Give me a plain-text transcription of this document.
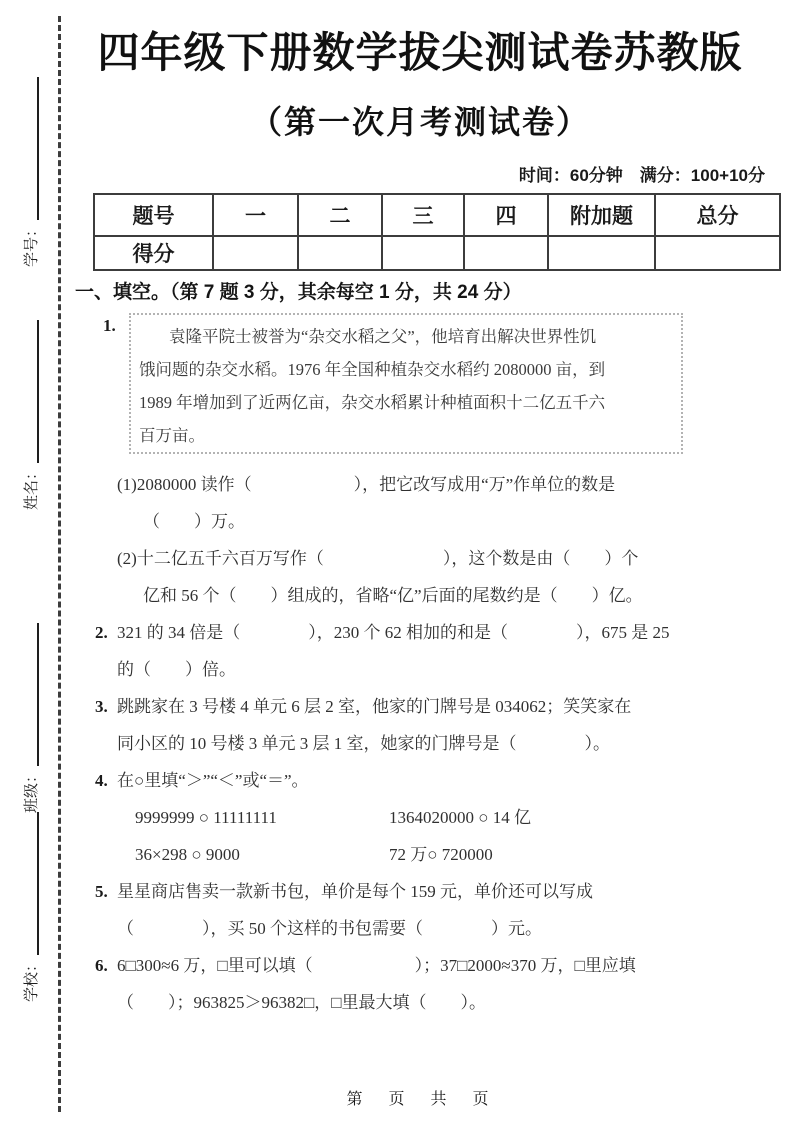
学号：
姓名：
班级：
学校：
四年级下册数学拔尖测试卷苏教版
（第一次月考测试卷）
时间：60分钟　满分：100+10分
题号	一	二	三	四	附加题	总分
得分						
一、填空。（第 7 题 3 分，其余每空 1 分，共 24 分）
1.
袁隆平院士被誉为“杂交水稻之父”，他培育出解决世界性饥
饿问题的杂交水稻。1976 年全国种植杂交水稻约 2080000 亩，到
1989 年增加到了近两亿亩，杂交水稻累计种植面积十二亿五千六
百万亩。
(1)2080000 读作（　　　　　　），把它改写成用“万”作单位的数是
（　　）万。
(2)十二亿五千六百万写作（　　　　　　　），这个数是由（　　）个
亿和 56 个（　　）组成的，省略“亿”后面的尾数约是（　　）亿。
2. 321 的 34 倍是（　　　　），230 个 62 相加的和是（　　　　），675 是 25
的（　　）倍。
3. 跳跳家在 3 号楼 4 单元 6 层 2 室，他家的门牌号是 034062；笑笑家在
同小区的 10 号楼 3 单元 3 层 1 室，她家的门牌号是（　　　　）。
4. 在○里填“＞”“＜”或“＝”。
9999999 ○ 11111111	1364020000 ○ 14 亿
36×298 ○ 9000	72 万○ 720000
5. 星星商店售卖一款新书包，单价是每个 159 元，单价还可以写成
（　　　　），买 50 个这样的书包需要（　　　　）元。
6. 6□300≈6 万，□里可以填（　　　　　　）；37□2000≈370 万，□里应填
（　　）；963825＞96382□，□里最大填（　　）。
第　页　共　页
